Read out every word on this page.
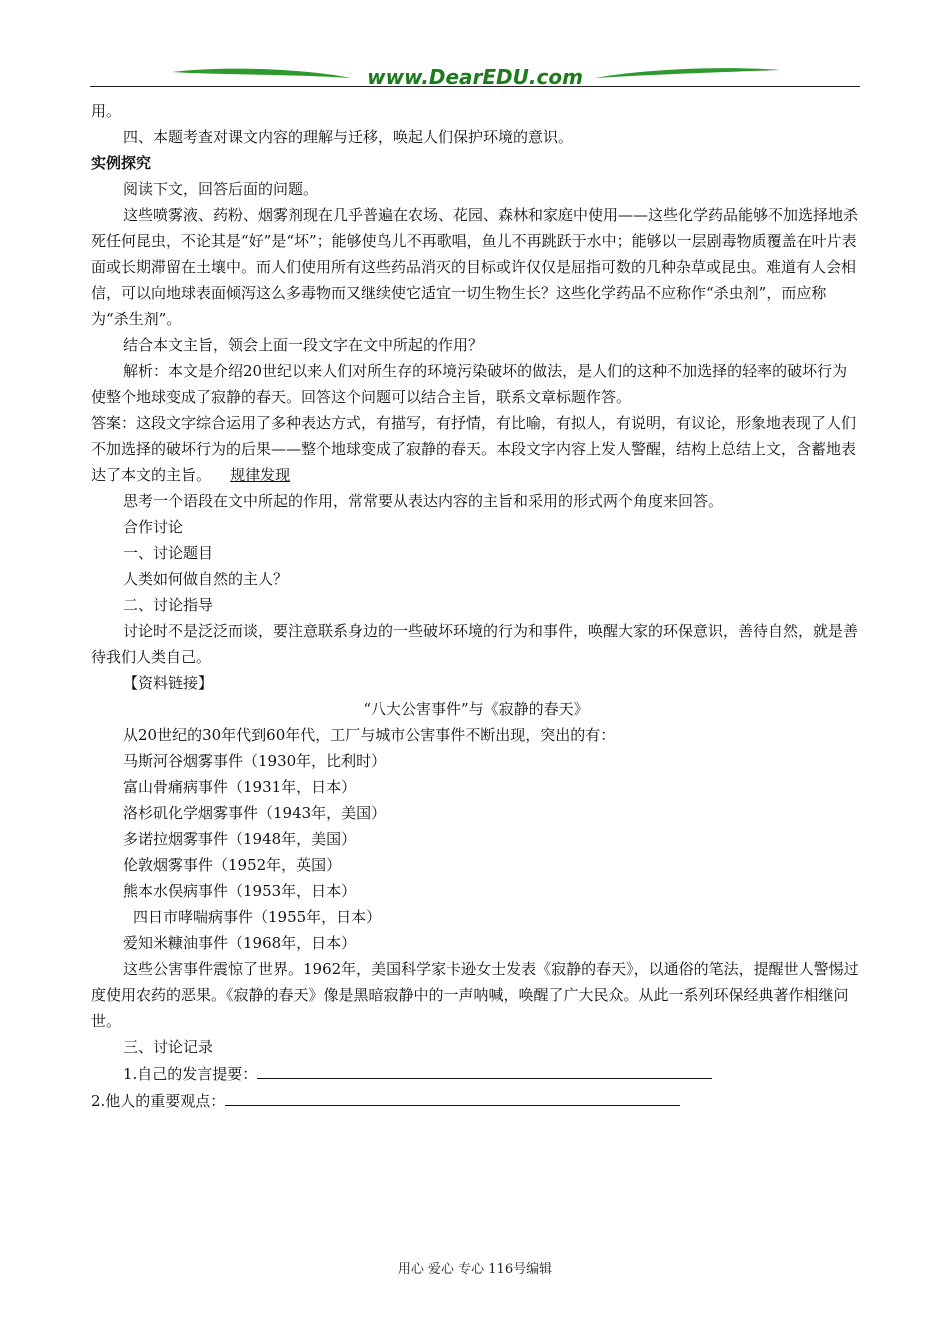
www.DearEDU.com

用。

四、本题考查对课文内容的理解与迁移，唤起人们保护环境的意识。

实例探究

阅读下文，回答后面的问题。

这些喷雾液、药粉、烟雾剂现在几乎普遍在农场、花园、森林和家庭中使用——这些化学药品能够不加选择地杀死任何昆虫，不论其是“好”是“坏”；能够使鸟儿不再歌唱，鱼儿不再跳跃于水中；能够以一层剧毒物质覆盖在叶片表面或长期滞留在土壤中。而人们使用所有这些药品消灭的目标或许仅仅是屈指可数的几种杂草或昆虫。难道有人会相信，可以向地球表面倾泻这么多毒物而又继续使它适宜一切生物生长？这些化学药品不应称作“杀虫剂”，而应称为“杀生剂”。

结合本文主旨，领会上面一段文字在文中所起的作用？

解析：本文是介绍20世纪以来人们对所生存的环境污染破坏的做法，是人们的这种不加选择的轻率的破坏行为使整个地球变成了寂静的春天。回答这个问题可以结合主旨，联系文章标题作答。

答案：这段文字综合运用了多种表达方式，有描写，有抒情，有比喻，有拟人，有说明，有议论，形象地表现了人们不加选择的破坏行为的后果——整个地球变成了寂静的春天。本段文字内容上发人警醒，结构上总结上文，含蓄地表达了本文的主旨。 规律发现

思考一个语段在文中所起的作用，常常要从表达内容的主旨和采用的形式两个角度来回答。

合作讨论

一、讨论题目

人类如何做自然的主人？

二、讨论指导

讨论时不是泛泛而谈，要注意联系身边的一些破坏环境的行为和事件，唤醒大家的环保意识，善待自然，就是善待我们人类自己。

【资料链接】

“八大公害事件”与《寂静的春天》

从20世纪的30年代到60年代，工厂与城市公害事件不断出现，突出的有：

马斯河谷烟雾事件（1930年，比利时）

富山骨痛病事件（1931年，日本）

洛杉矶化学烟雾事件（1943年，美国）

多诺拉烟雾事件（1948年，美国）

伦敦烟雾事件（1952年，英国）

熊本水俣病事件（1953年，日本）

四日市哮喘病事件（1955年，日本）

爱知米糠油事件（1968年，日本）

这些公害事件震惊了世界。1962年，美国科学家卡逊女士发表《寂静的春天》，以通俗的笔法，提醒世人警惕过度使用农药的恶果。《寂静的春天》像是黑暗寂静中的一声呐喊，唤醒了广大民众。从此一系列环保经典著作相继问世。

三、讨论记录

1.自己的发言提要：

2.他人的重要观点：

用心 爱心 专心 116号编辑
